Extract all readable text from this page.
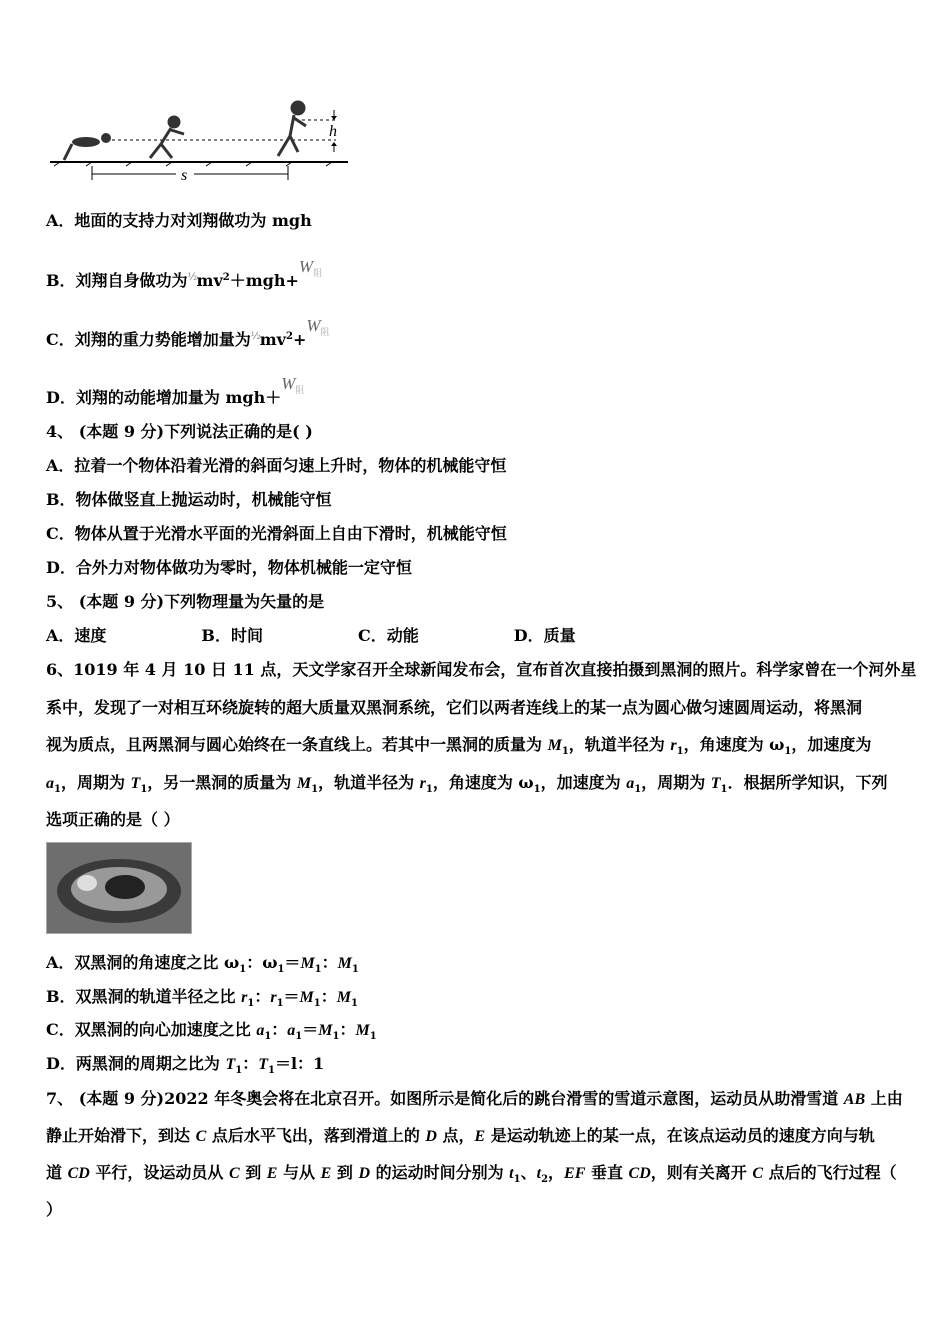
h
s
A．地面的支持力对刘翔做功为 mgh
B．刘翔自身做功为$\frac{1}{2}mv^2+mgh+W^阻$
C．刘翔的重力势能增加量为$\frac{1}{2}mv^2+W^阻$
D．刘翔的动能增加量为 $mgh+W^阻$
4、 (本题 9 分)下列说法正确的是( )
A．拉着一个物体沿着光滑的斜面匀速上升时，物体的机械能守恒
B．物体做竖直上抛运动时，机械能守恒
C．物体从置于光滑水平面的光滑斜面上自由下滑时，机械能守恒
D．合外力对物体做功为零时，物体机械能一定守恒
5、 (本题 9 分)下列物理量为矢量的是
A．速度	B．时间	C．动能	D．质量
6、1019 年 4 月 10 日 11 点，天文学家召开全球新闻发布会，宣布首次直接拍摄到黑洞的照片。科学家曾在一个河外星
系中，发现了一对相互环绕旋转的超大质量双黑洞系统，它们以两者连线上的某一点为圆心做匀速圆周运动，将黑洞
视为质点，且两黑洞与圆心始终在一条直线上。若其中一黑洞的质量为 $M_1$，轨道半径为 $r_1$，角速度为 $\omega_1$，加速度为
$a_1$，周期为 $T_1$，另一黑洞的质量为 $M_1$，轨道半径为 $r_1$，角速度为 $\omega_1$，加速度为 $a_1$，周期为 $T_1$．根据所学知识，下列
选项正确的是（ ）
A．双黑洞的角速度之比 $\omega_1$：$\omega_1=M_1$：$M_1$
B．双黑洞的轨道半径之比 $r_1$：$r_1=M_1$：$M_1$
C．双黑洞的向心加速度之比 $a_1$：$a_1=M_1$：$M_1$
D．两黑洞的周期之比为 $T_1$：$T_1=l$：1
7、 (本题 9 分)2022 年冬奥会将在北京召开。如图所示是简化后的跳台滑雪的雪道示意图，运动员从助滑雪道 AB 上由
静止开始滑下，到达 C 点后水平飞出，落到滑道上的 D 点，E 是运动轨迹上的某一点，在该点运动员的速度方向与轨
道 CD 平行，设运动员从 C 到 E 与从 E 到 D 的运动时间分别为 $t_1$、$t_2$，EF 垂直 CD，则有关离开 C 点后的飞行过程（
）
